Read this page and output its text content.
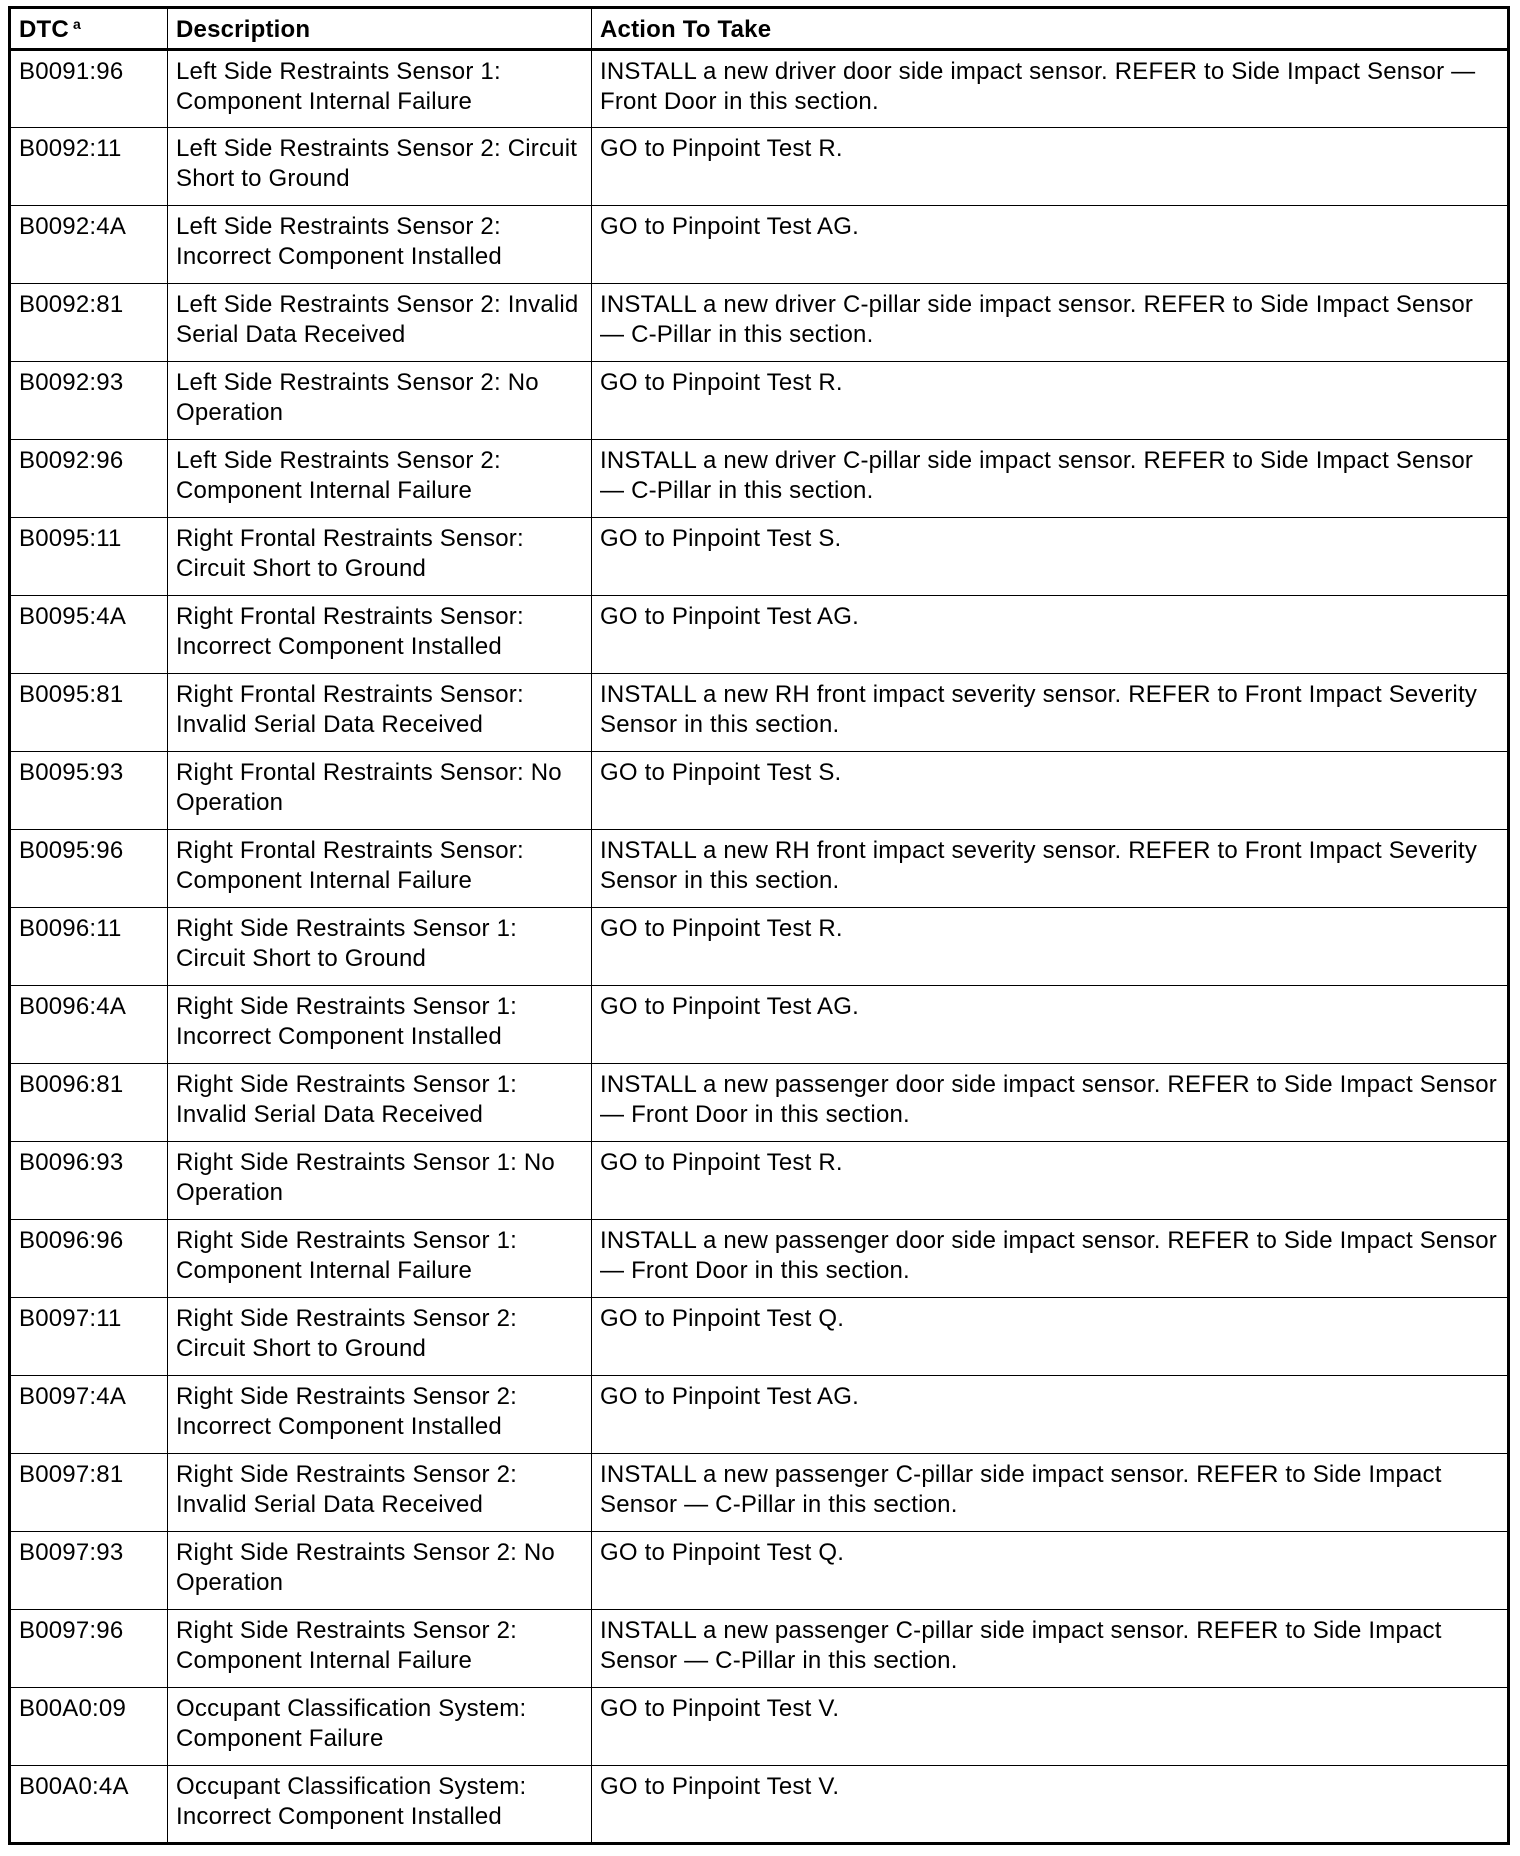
DTC $^a$	Description	Action To Take
B0091:96	Left Side Restraints Sensor 1: Component Internal Failure	INSTALL a new driver door side impact sensor. REFER to Side Impact Sensor — Front Door in this section.
B0092:11	Left Side Restraints Sensor 2: Circuit Short to Ground	GO to Pinpoint Test R.
B0092:4A	Left Side Restraints Sensor 2: Incorrect Component Installed	GO to Pinpoint Test AG.
B0092:81	Left Side Restraints Sensor 2: Invalid Serial Data Received	INSTALL a new driver C-pillar side impact sensor. REFER to Side Impact Sensor — C-Pillar in this section.
B0092:93	Left Side Restraints Sensor 2: No Operation	GO to Pinpoint Test R.
B0092:96	Left Side Restraints Sensor 2: Component Internal Failure	INSTALL a new driver C-pillar side impact sensor. REFER to Side Impact Sensor — C-Pillar in this section.
B0095:11	Right Frontal Restraints Sensor: Circuit Short to Ground	GO to Pinpoint Test S.
B0095:4A	Right Frontal Restraints Sensor: Incorrect Component Installed	GO to Pinpoint Test AG.
B0095:81	Right Frontal Restraints Sensor: Invalid Serial Data Received	INSTALL a new RH front impact severity sensor. REFER to Front Impact Severity Sensor in this section.
B0095:93	Right Frontal Restraints Sensor: No Operation	GO to Pinpoint Test S.
B0095:96	Right Frontal Restraints Sensor: Component Internal Failure	INSTALL a new RH front impact severity sensor. REFER to Front Impact Severity Sensor in this section.
B0096:11	Right Side Restraints Sensor 1: Circuit Short to Ground	GO to Pinpoint Test R.
B0096:4A	Right Side Restraints Sensor 1: Incorrect Component Installed	GO to Pinpoint Test AG.
B0096:81	Right Side Restraints Sensor 1: Invalid Serial Data Received	INSTALL a new passenger door side impact sensor. REFER to Side Impact Sensor — Front Door in this section.
B0096:93	Right Side Restraints Sensor 1: No Operation	GO to Pinpoint Test R.
B0096:96	Right Side Restraints Sensor 1: Component Internal Failure	INSTALL a new passenger door side impact sensor. REFER to Side Impact Sensor — Front Door in this section.
B0097:11	Right Side Restraints Sensor 2: Circuit Short to Ground	GO to Pinpoint Test Q.
B0097:4A	Right Side Restraints Sensor 2: Incorrect Component Installed	GO to Pinpoint Test AG.
B0097:81	Right Side Restraints Sensor 2: Invalid Serial Data Received	INSTALL a new passenger C-pillar side impact sensor. REFER to Side Impact Sensor — C-Pillar in this section.
B0097:93	Right Side Restraints Sensor 2: No Operation	GO to Pinpoint Test Q.
B0097:96	Right Side Restraints Sensor 2: Component Internal Failure	INSTALL a new passenger C-pillar side impact sensor. REFER to Side Impact Sensor — C-Pillar in this section.
B00A0:09	Occupant Classification System: Component Failure	GO to Pinpoint Test V.
B00A0:4A	Occupant Classification System: Incorrect Component Installed	GO to Pinpoint Test V.
